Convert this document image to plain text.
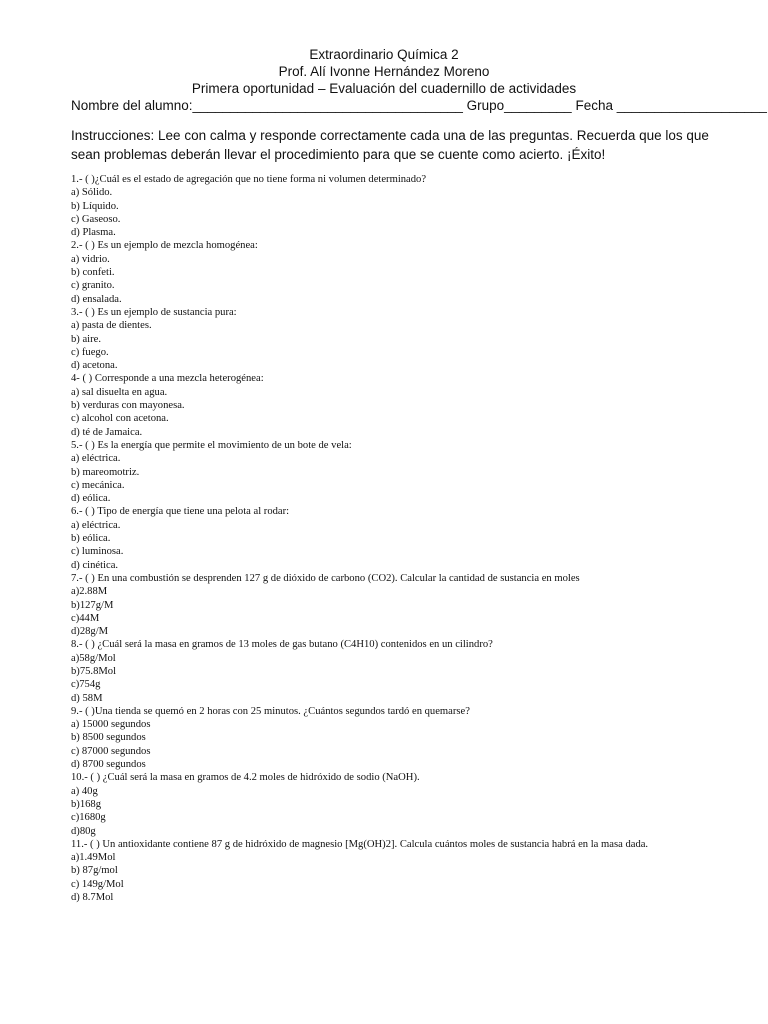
Extraordinario Química 2
Prof. Alí Ivonne Hernández Moreno
Primera oportunidad – Evaluación del cuadernillo de actividades
Nombre del alumno:____________________________________ Grupo_________ Fecha ____________________
Instrucciones: Lee con calma y responde correctamente cada una de las preguntas. Recuerda que los que sean problemas deberán llevar el procedimiento para que se cuente como acierto. ¡Éxito!
1.- ( )¿Cuál es el estado de agregación que no tiene forma ni volumen determinado?
a) Sólido.
b) Líquido.
c) Gaseoso.
d) Plasma.
2.- ( ) Es un ejemplo de mezcla homogénea:
a) vidrio.
b) confeti.
c) granito.
d) ensalada.
3.- ( ) Es un ejemplo de sustancia pura:
a) pasta de dientes.
b) aire.
c) fuego.
d) acetona.
4- ( ) Corresponde a una mezcla heterogénea:
a) sal disuelta en agua.
b) verduras con mayonesa.
c) alcohol con acetona.
d) té de Jamaica.
5.- ( ) Es la energía que permite el movimiento de un bote de vela:
a) eléctrica.
b) mareomotriz.
c) mecánica.
d) eólica.
6.- ( ) Tipo de energía que tiene una pelota al rodar:
a) eléctrica.
b) eólica.
c) luminosa.
d) cinética.
7.- ( ) En una combustión se desprenden 127 g de dióxido de carbono (CO2). Calcular la cantidad de sustancia en moles
a)2.88M
b)127g/M
c)44M
d)28g/M
8.- ( ) ¿Cuál será la masa en gramos de 13 moles de gas butano (C4H10) contenidos en un cilindro?
a)58g/Mol
b)75.8Mol
c)754g
d) 58M
9.- ( )Una tienda se quemó en 2 horas con 25 minutos. ¿Cuántos segundos tardó en quemarse?
a) 15000 segundos
b) 8500 segundos
c) 87000 segundos
d) 8700 segundos
10.- ( ) ¿Cuál será la masa en gramos de 4.2 moles de hidróxido de sodio (NaOH).
a) 40g
b)168g
c)1680g
d)80g
11.- ( ) Un antioxidante contiene 87 g de hidróxido de magnesio [Mg(OH)2]. Calcula cuántos moles de sustancia habrá en la masa dada.
a)1.49Mol
b) 87g/mol
c) 149g/Mol
d) 8.7Mol
